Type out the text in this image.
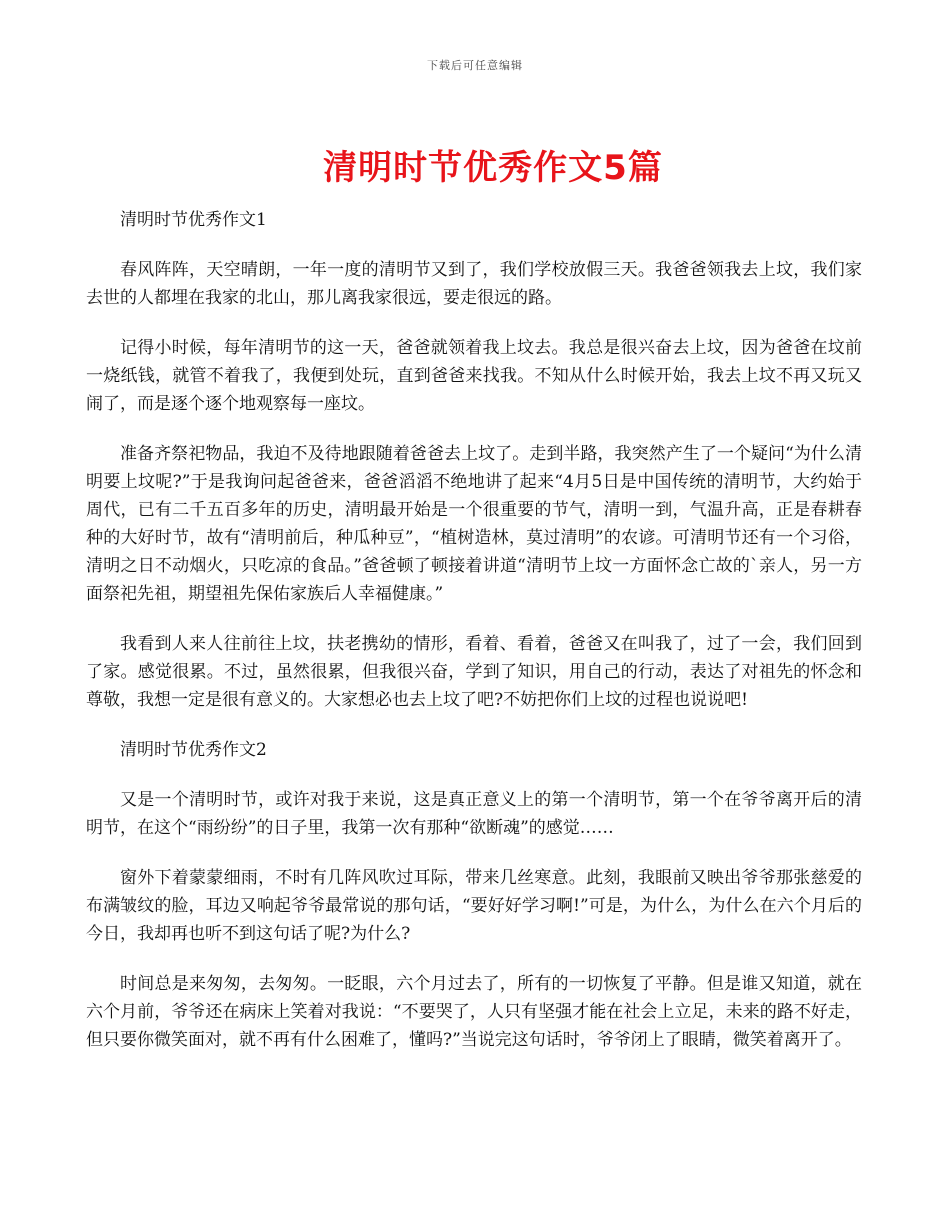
下载后可任意编辑
清明时节优秀作文5篇

清明时节优秀作文1

春风阵阵，天空晴朗，一年一度的清明节又到了，我们学校放假三天。我爸爸领我去上坟，我们家去世的人都埋在我家的北山，那儿离我家很远，要走很远的路。

记得小时候，每年清明节的这一天，爸爸就领着我上坟去。我总是很兴奋去上坟，因为爸爸在坟前一烧纸钱，就管不着我了，我便到处玩，直到爸爸来找我。不知从什么时候开始，我去上坟不再又玩又闹了，而是逐个逐个地观察每一座坟。

准备齐祭祀物品，我迫不及待地跟随着爸爸去上坟了。走到半路，我突然产生了一个疑问“为什么清明要上坟呢?”于是我询问起爸爸来，爸爸滔滔不绝地讲了起来“4月5日是中国传统的清明节，大约始于周代，已有二千五百多年的历史，清明最开始是一个很重要的节气，清明一到，气温升高，正是春耕春种的大好时节，故有“清明前后，种瓜种豆”，“植树造林，莫过清明”的农谚。可清明节还有一个习俗，清明之日不动烟火，只吃凉的食品。”爸爸顿了顿接着讲道“清明节上坟一方面怀念亡故的`亲人，另一方面祭祀先祖，期望祖先保佑家族后人幸福健康。”

我看到人来人往前往上坟，扶老携幼的情形，看着、看着，爸爸又在叫我了，过了一会，我们回到了家。感觉很累。不过，虽然很累，但我很兴奋，学到了知识，用自己的行动，表达了对祖先的怀念和尊敬，我想一定是很有意义的。大家想必也去上坟了吧?不妨把你们上坟的过程也说说吧!

清明时节优秀作文2

又是一个清明时节，或许对我于来说，这是真正意义上的第一个清明节，第一个在爷爷离开后的清明节，在这个“雨纷纷”的日子里，我第一次有那种“欲断魂”的感觉……

窗外下着蒙蒙细雨，不时有几阵风吹过耳际，带来几丝寒意。此刻，我眼前又映出爷爷那张慈爱的布满皱纹的脸，耳边又响起爷爷最常说的那句话，“要好好学习啊!”可是，为什么，为什么在六个月后的今日，我却再也听不到这句话了呢?为什么?

时间总是来匆匆，去匆匆。一眨眼，六个月过去了，所有的一切恢复了平静。但是谁又知道，就在六个月前，爷爷还在病床上笑着对我说：“不要哭了，人只有坚强才能在社会上立足，未来的路不好走，但只要你微笑面对，就不再有什么困难了，懂吗?”当说完这句话时，爷爷闭上了眼睛，微笑着离开了。
